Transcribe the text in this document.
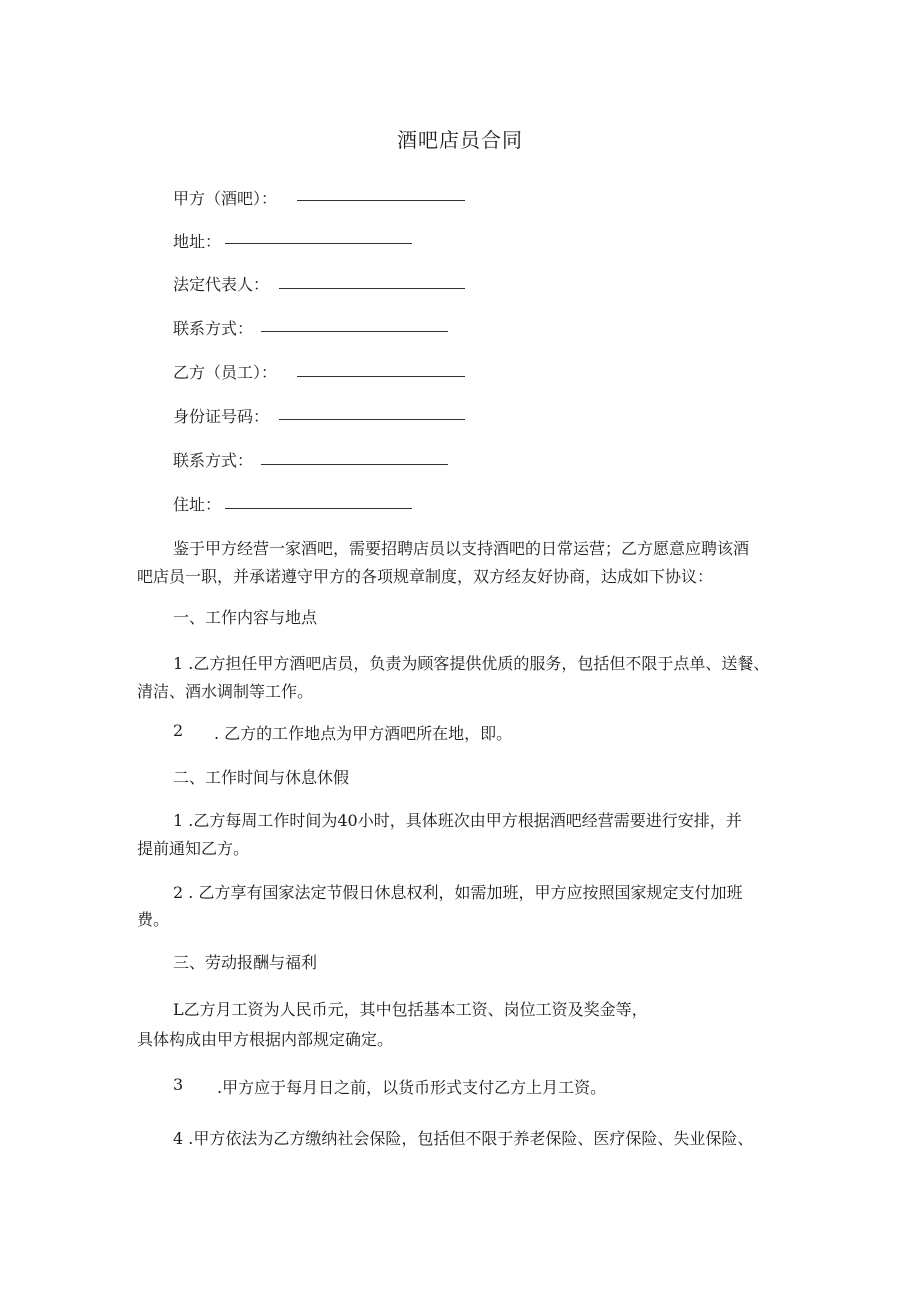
酒吧店员合同
甲方（酒吧）：
地址：
法定代表人：
联系方式：
乙方（员工）：
身份证号码：
联系方式：
住址：
鉴于甲方经营一家酒吧，需要招聘店员以支持酒吧的日常运营；乙方愿意应聘该酒
吧店员一职，并承诺遵守甲方的各项规章制度，双方经友好协商，达成如下协议：
一、工作内容与地点
1 .乙方担任甲方酒吧店员，负责为顾客提供优质的服务，包括但不限于点单、送餐、
清洁、酒水调制等工作。
2 . 乙方的工作地点为甲方酒吧所在地，即。
二、工作时间与休息休假
1 .乙方每周工作时间为40小时，具体班次由甲方根据酒吧经营需要进行安排，并
提前通知乙方。
2 . 乙方享有国家法定节假日休息权利，如需加班，甲方应按照国家规定支付加班
费。
三、劳动报酬与福利
L乙方月工资为人民币元，其中包括基本工资、岗位工资及奖金等，
具体构成由甲方根据内部规定确定。
3 .甲方应于每月日之前，以货币形式支付乙方上月工资。
4 .甲方依法为乙方缴纳社会保险，包括但不限于养老保险、医疗保险、失业保险、
